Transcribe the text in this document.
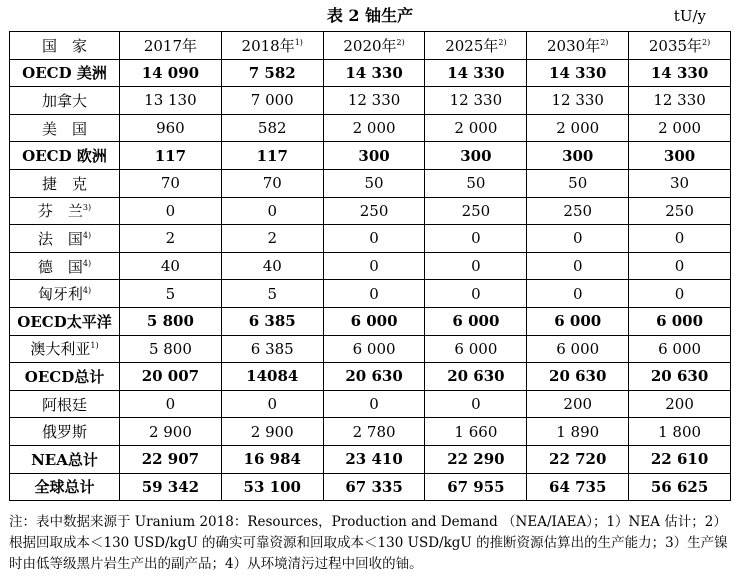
表 2 铀生产	tU/y
国　家	2017年	2018年$^{1)}$	2020年$^{2)}$	2025年$^{2)}$	2030年$^{2)}$	2035年$^{2)}$
OECD 美洲	14 090	7 582	14 330	14 330	14 330	14 330
加拿大	13 130	7 000	12 330	12 330	12 330	12 330
美　国	960	582	2 000	2 000	2 000	2 000
OECD 欧洲	117	117	300	300	300	300
捷　克	70	70	50	50	50	30
芬　兰$^{3)}$	0	0	250	250	250	250
法　国$^{4)}$	2	2	0	0	0	0
德　国$^{4)}$	40	40	0	0	0	0
匈牙利$^{4)}$	5	5	0	0	0	0
OECD太平洋	5 800	6 385	6 000	6 000	6 000	6 000
澳大利亚$^{1)}$	5 800	6 385	6 000	6 000	6 000	6 000
OECD总计	20 007	14084	20 630	20 630	20 630	20 630
阿根廷	0	0	0	0	200	200
俄罗斯	2 900	2 900	2 780	1 660	1 890	1 800
NEA总计	22 907	16 984	23 410	22 290	22 720	22 610
全球总计	59 342	53 100	67 335	67 955	64 735	56 625
注：表中数据来源于 Uranium 2018：Resources，Production and Demand （NEA/IAEA）；1）NEA 估计；2）根据回取成本＜130 USD/kgU 的确实可靠资源和回取成本＜130 USD/kgU 的推断资源估算出的生产能力；3）生产镍时由低等级黑片岩生产出的副产品；4）从环境清污过程中回收的铀。
